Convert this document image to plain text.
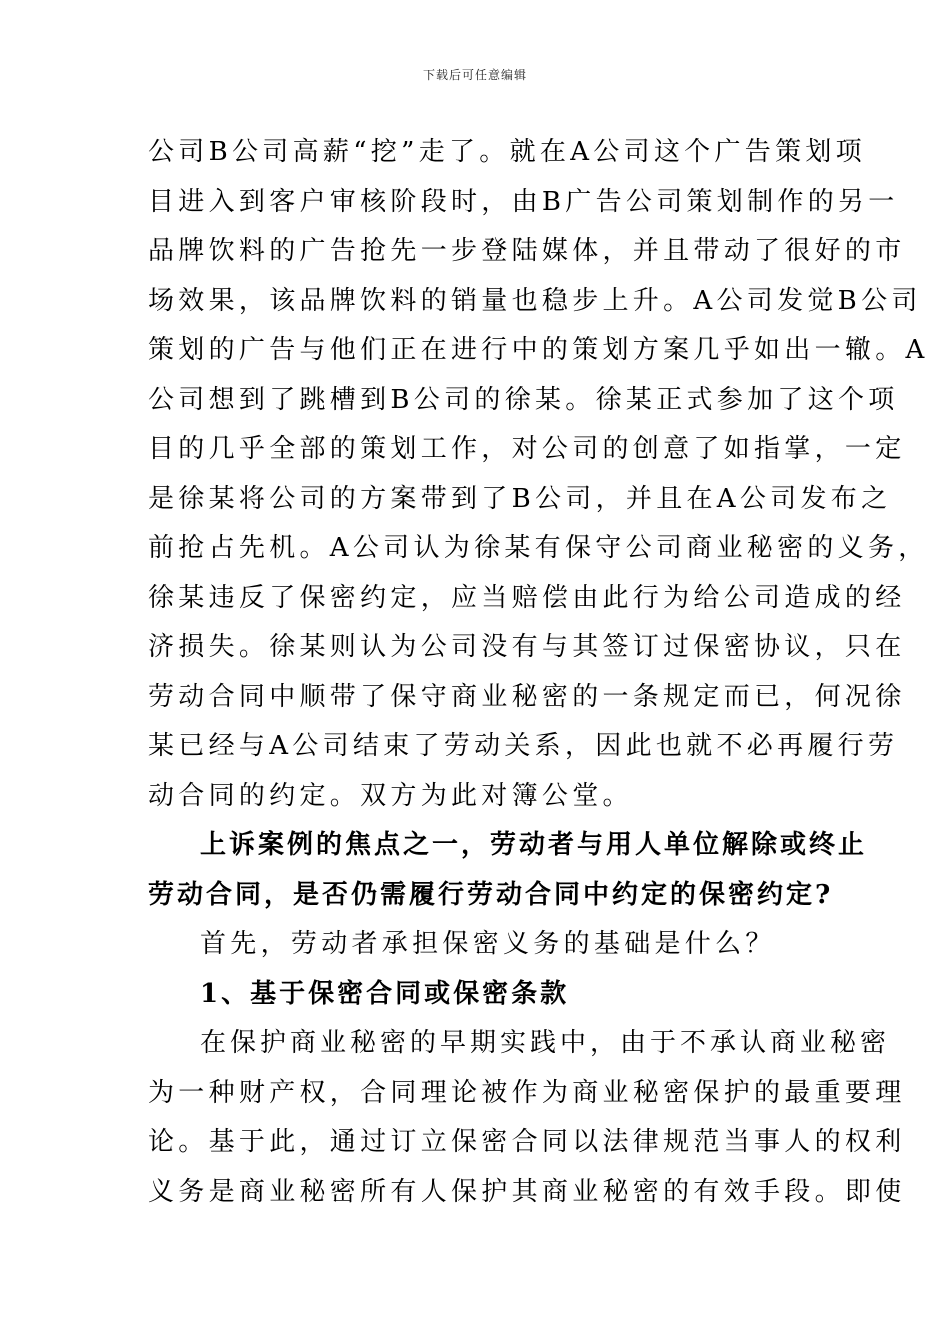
下载后可任意编辑
公司B公司高薪“挖”走了。就在A公司这个广告策划项
目进入到客户审核阶段时，由B广告公司策划制作的另一
品牌饮料的广告抢先一步登陆媒体，并且带动了很好的市
场效果，该品牌饮料的销量也稳步上升。A公司发觉B公司
策划的广告与他们正在进行中的策划方案几乎如出一辙。A
公司想到了跳槽到B公司的徐某。徐某正式参加了这个项
目的几乎全部的策划工作，对公司的创意了如指掌，一定
是徐某将公司的方案带到了B公司，并且在A公司发布之
前抢占先机。A公司认为徐某有保守公司商业秘密的义务，
徐某违反了保密约定，应当赔偿由此行为给公司造成的经
济损失。徐某则认为公司没有与其签订过保密协议，只在
劳动合同中顺带了保守商业秘密的一条规定而已，何况徐
某已经与A公司结束了劳动关系，因此也就不必再履行劳
动合同的约定。双方为此对簿公堂。
上诉案例的焦点之一，劳动者与用人单位解除或终止
劳动合同，是否仍需履行劳动合同中约定的保密约定?
首先，劳动者承担保密义务的基础是什么？
1、基于保密合同或保密条款
在保护商业秘密的早期实践中，由于不承认商业秘密
为一种财产权，合同理论被作为商业秘密保护的最重要理
论。基于此，通过订立保密合同以法律规范当事人的权利
义务是商业秘密所有人保护其商业秘密的有效手段。即使
